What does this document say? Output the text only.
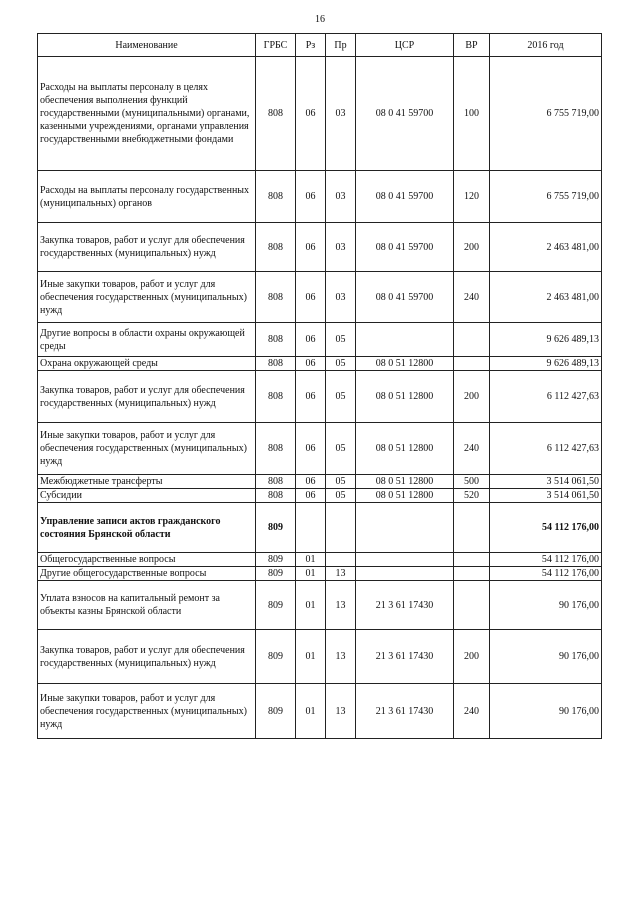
16
Наименование	ГРБС	Рз	Пр	ЦСР	ВР	2016 год
Расходы на выплаты персоналу в целях обеспечения выполнения функций государственными (муниципальными) органами, казенными учреждениями, органами управления государственными внебюджетными фондами	808	06	03	08 0 41 59700	100	6 755 719,00
Расходы на выплаты персоналу государственных (муниципальных) органов	808	06	03	08 0 41 59700	120	6 755 719,00
Закупка товаров, работ и услуг для обеспечения государственных (муниципальных) нужд	808	06	03	08 0 41 59700	200	2 463 481,00
Иные закупки товаров, работ и услуг для обеспечения государственных (муниципальных) нужд	808	06	03	08 0 41 59700	240	2 463 481,00
Другие вопросы в области охраны окружающей среды	808	06	05			9 626 489,13
Охрана окружающей среды	808	06	05	08 0 51 12800		9 626 489,13
Закупка товаров, работ и услуг для обеспечения государственных (муниципальных) нужд	808	06	05	08 0 51 12800	200	6 112 427,63
Иные закупки товаров, работ и услуг для обеспечения государственных (муниципальных) нужд	808	06	05	08 0 51 12800	240	6 112 427,63
Межбюджетные трансферты	808	06	05	08 0 51 12800	500	3 514 061,50
Субсидии	808	06	05	08 0 51 12800	520	3 514 061,50
Управление записи актов гражданского состояния Брянской области	809					54 112 176,00
Общегосударственные вопросы	809	01				54 112 176,00
Другие общегосударственные вопросы	809	01	13			54 112 176,00
Уплата взносов на капитальный ремонт за объекты казны Брянской области	809	01	13	21 3 61 17430		90 176,00
Закупка товаров, работ и услуг для обеспечения государственных (муниципальных) нужд	809	01	13	21 3 61 17430	200	90 176,00
Иные закупки товаров, работ и услуг для обеспечения государственных (муниципальных) нужд	809	01	13	21 3 61 17430	240	90 176,00
